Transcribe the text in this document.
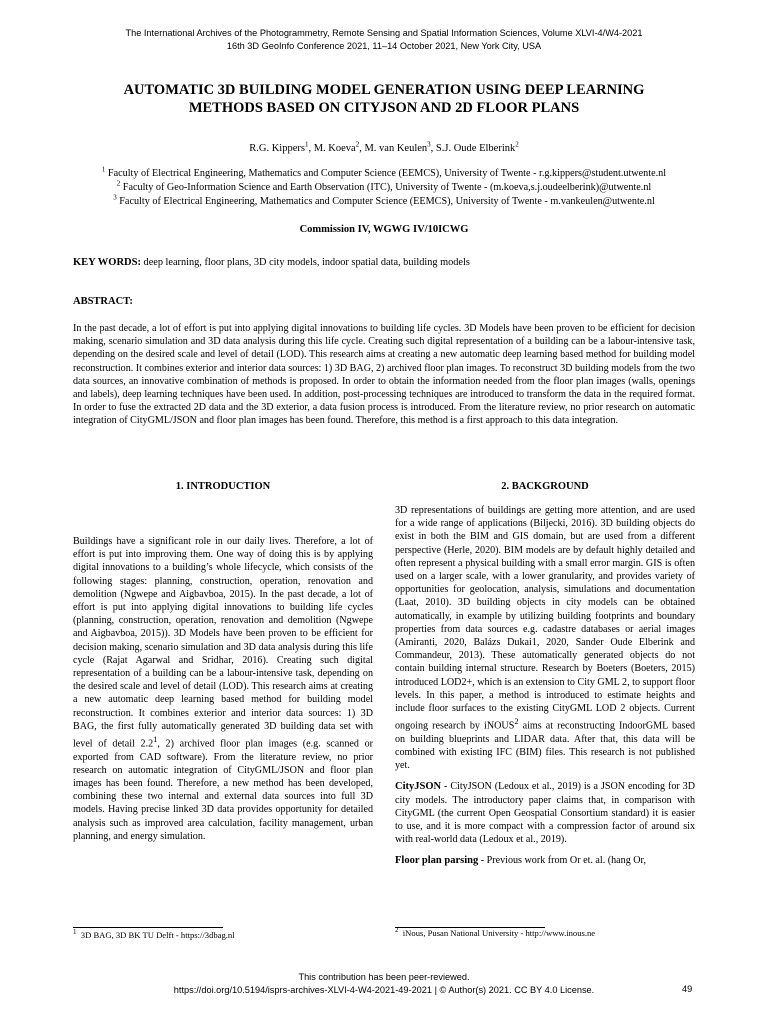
The International Archives of the Photogrammetry, Remote Sensing and Spatial Information Sciences, Volume XLVI-4/W4-2021
16th 3D GeoInfo Conference 2021, 11–14 October 2021, New York City, USA
AUTOMATIC 3D BUILDING MODEL GENERATION USING DEEP LEARNING
METHODS BASED ON CITYJSON AND 2D FLOOR PLANS
R.G. Kippers$^1$, M. Koeva$^2$, M. van Keulen$^3$, S.J. Oude Elberink$^2$
$^1$ Faculty of Electrical Engineering, Mathematics and Computer Science (EEMCS), University of Twente - r.g.kippers@student.utwente.nl
$^2$ Faculty of Geo-Information Science and Earth Observation (ITC), University of Twente - (m.koeva,s.j.oudeelberink)@utwente.nl
$^3$ Faculty of Electrical Engineering, Mathematics and Computer Science (EEMCS), University of Twente - m.vankeulen@utwente.nl
Commission IV, WGWG IV/10ICWG
KEY WORDS: deep learning, floor plans, 3D city models, indoor spatial data, building models
ABSTRACT:
In the past decade, a lot of effort is put into applying digital innovations to building life cycles. 3D Models have been proven to be efficient for decision making, scenario simulation and 3D data analysis during this life cycle. Creating such digital representation of a building can be a labour-intensive task, depending on the desired scale and level of detail (LOD). This research aims at creating a new automatic deep learning based method for building model reconstruction. It combines exterior and interior data sources: 1) 3D BAG, 2) archived floor plan images. To reconstruct 3D building models from the two data sources, an innovative combination of methods is proposed. In order to obtain the information needed from the floor plan images (walls, openings and labels), deep learning techniques have been used. In addition, post-processing techniques are introduced to transform the data in the required format. In order to fuse the extracted 2D data and the 3D exterior, a data fusion process is introduced. From the literature review, no prior research on automatic integration of CityGML/JSON and floor plan images has been found. Therefore, this method is a first approach to this data integration.
1. INTRODUCTION	2. BACKGROUND

Buildings have a significant role in our daily lives. Therefore, a lot of effort is put into improving them. One way of doing this is by applying digital innovations to a building’s whole lifecycle, which consists of the following stages: planning, construction, operation, renovation and demolition (Ngwepe and Aigbavboa, 2015). In the past decade, a lot of effort is put into applying digital innovations to building life cycles (planning, construction, operation, renovation and demolition (Ngwepe and Aigbavboa, 2015)). 3D Models have been proven to be efficient for decision making, scenario simulation and 3D data analysis during this life cycle (Rajat Agarwal and Sridhar, 2016). Creating such digital representation of a building can be a labour-intensive task, depending on the desired scale and level of detail (LOD). This research aims at creating a new automatic deep learning based method for building model reconstruction. It combines exterior and interior data sources: 1) 3D BAG, the first fully automatically generated 3D building data set with level of detail $2.2^1$, 2) archived floor plan images (e.g. scanned or exported from CAD software). From the literature review, no prior research on automatic integration of CityGML/JSON and floor plan images has been found. Therefore, a new method has been developed, combining these two internal and external data sources into full 3D models. Having precise linked 3D data provides opportunity for detailed analysis such as improved area calculation, facility management, urban planning, and energy simulation.

3D representations of buildings are getting more attention, and are used for a wide range of applications (Biljecki, 2016). 3D building objects do exist in both the BIM and GIS domain, but are used from a different perspective (Herle, 2020). BIM models are by default highly detailed and often represent a physical building with a small error margin. GIS is often used on a larger scale, with a lower granularity, and provides variety of opportunities for geolocation, analysis, simulations and documentation (Laat, 2010). 3D building objects in city models can be obtained automatically, in example by utilizing building footprints and boundary properties from data sources e.g. cadastre databases or aerial images (Amiranti, 2020, Balázs Dukai1, 2020, Sander Oude Elberink and Commandeur, 2013). These automatically generated objects do not contain building internal structure. Research by Boeters (Boeters, 2015) introduced LOD2+, which is an extension to City GML 2, to support floor levels. In this paper, a method is introduced to estimate heights and include floor surfaces to the existing CityGML LOD 2 objects. Current ongoing research by iNOUS$^2$ aims at reconstructing IndoorGML based on building blueprints and LIDAR data. After that, this data will be combined with existing IFC (BIM) files. This research is not published yet.

CityJSON - CityJSON (Ledoux et al., 2019) is a JSON encoding for 3D city models. The introductory paper claims that, in comparison with CityGML (the current Open Geospatial Consortium standard) it is easier to use, and it is more compact with a compression factor of around six with real-world data (Ledoux et al., 2019).

Floor plan parsing - Previous work from Or et. al. (hang Or,

$^1$ 3D BAG, 3D BK TU Delft - https://3dbag.nl	$^2$ iNous, Pusan National University - http://www.inous.ne
This contribution has been peer-reviewed.
https://doi.org/10.5194/isprs-archives-XLVI-4-W4-2021-49-2021 | © Author(s) 2021. CC BY 4.0 License.	49
